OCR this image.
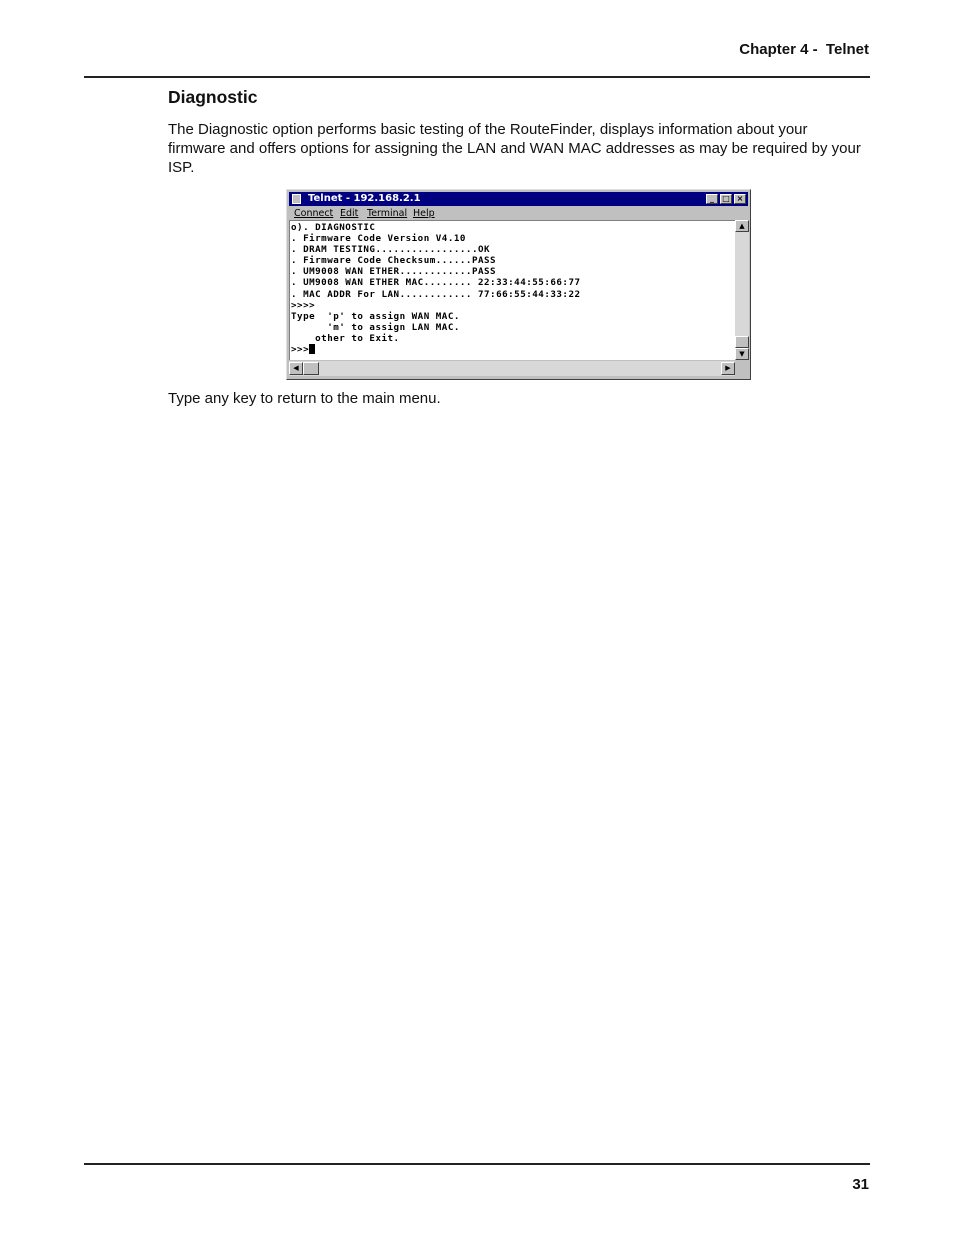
Chapter 4 -  Telnet
Diagnostic

The Diagnostic option performs basic testing of the RouteFinder, displays information about your firmware and offers options for assigning the LAN and WAN MAC addresses as may be required by your ISP.

Telnet - 192.168.2.1	_	□ ×
Connect Edit Terminal Help
o). DIAGNOSTIC
. Firmware Code Version V4.10
. DRAM TESTING.................OK
. Firmware Code Checksum......PASS
. UM9008 WAN ETHER............PASS
. UM9008 WAN ETHER MAC........ 22:33:44:55:66:77
. MAC ADDR For LAN............ 77:66:55:44:33:22
>>>>
Type  'p' to assign WAN MAC.
'm' to assign LAN MAC.
other to Exit.
>>>
▲
▼
◀	▶

Type any key to return to the main menu.

31
